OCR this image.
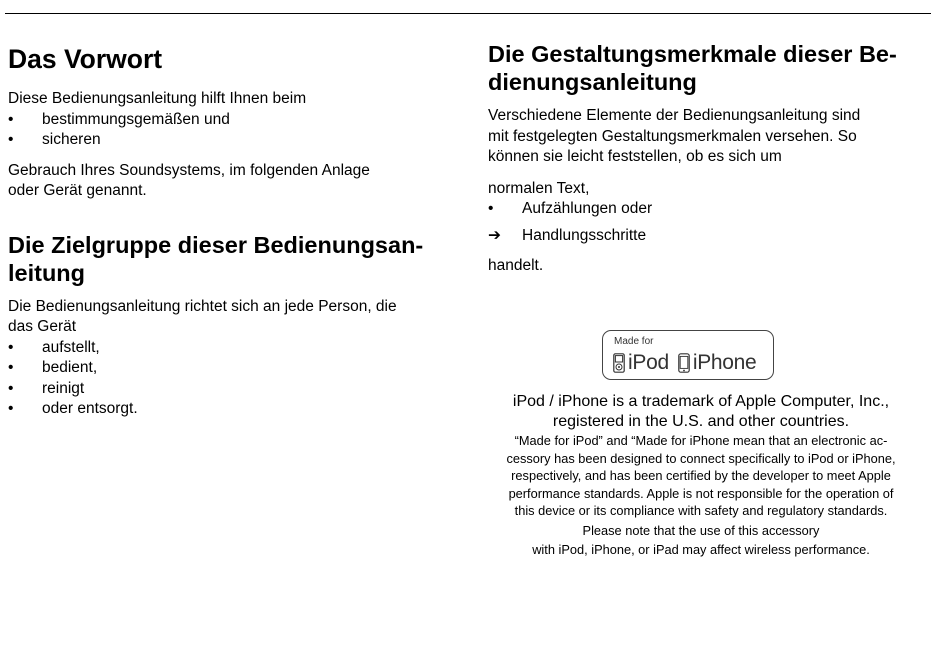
Das Vorwort

Diese Bedienungsanleitung hilft Ihnen beim

•	bestimmungsgemäßen und
•	sicheren

Gebrauch Ihres Soundsystems, im folgenden Anlage

oder Gerät genannt.

Die Zielgruppe dieser Bedienungsan-
leitung

Die Bedienungsanleitung richtet sich an jede Person, die

das Gerät

•	aufstellt,
•	bedient,
•	reinigt
•	oder entsorgt.
Die Gestaltungsmerkmale dieser Be-
dienungsanleitung

Verschiedene Elemente der Bedienungsanleitung sind

mit festgelegten Gestaltungsmerkmalen versehen. So

können sie leicht feststellen, ob es sich um

normalen Text,

•	Aufzählungen oder
➔	Handlungsschritte

handelt.

Made for
iPod iPhone
iPod / iPhone is a trademark of Apple Computer, Inc.,
registered in the U.S. and other countries.
“Made for iPod” and “Made for iPhone mean that an electronic ac-
cessory has been designed to connect specifically to iPod or iPhone,
respectively, and has been certified by the developer to meet Apple
performance standards. Apple is not responsible for the operation of
this device or its compliance with safety and regulatory standards.
Please note that the use of this accessory
with iPod, iPhone, or iPad may affect wireless performance.
